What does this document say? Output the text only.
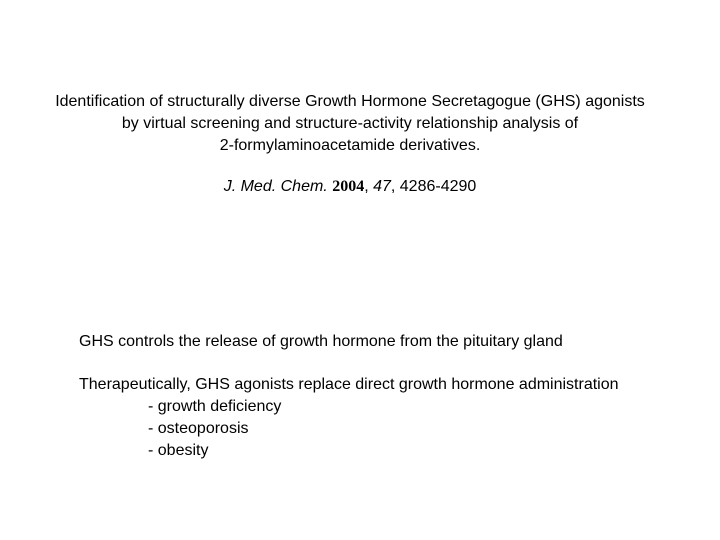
Identification of structurally diverse Growth Hormone Secretagogue (GHS) agonists
by virtual screening and structure-activity relationship analysis of
2-formylaminoacetamide derivatives.
J. Med. Chem. 2004, 47, 4286-4290
GHS controls the release of growth hormone from the pituitary gland
Therapeutically, GHS agonists replace direct growth hormone administration
- growth deficiency
- osteoporosis
- obesity
